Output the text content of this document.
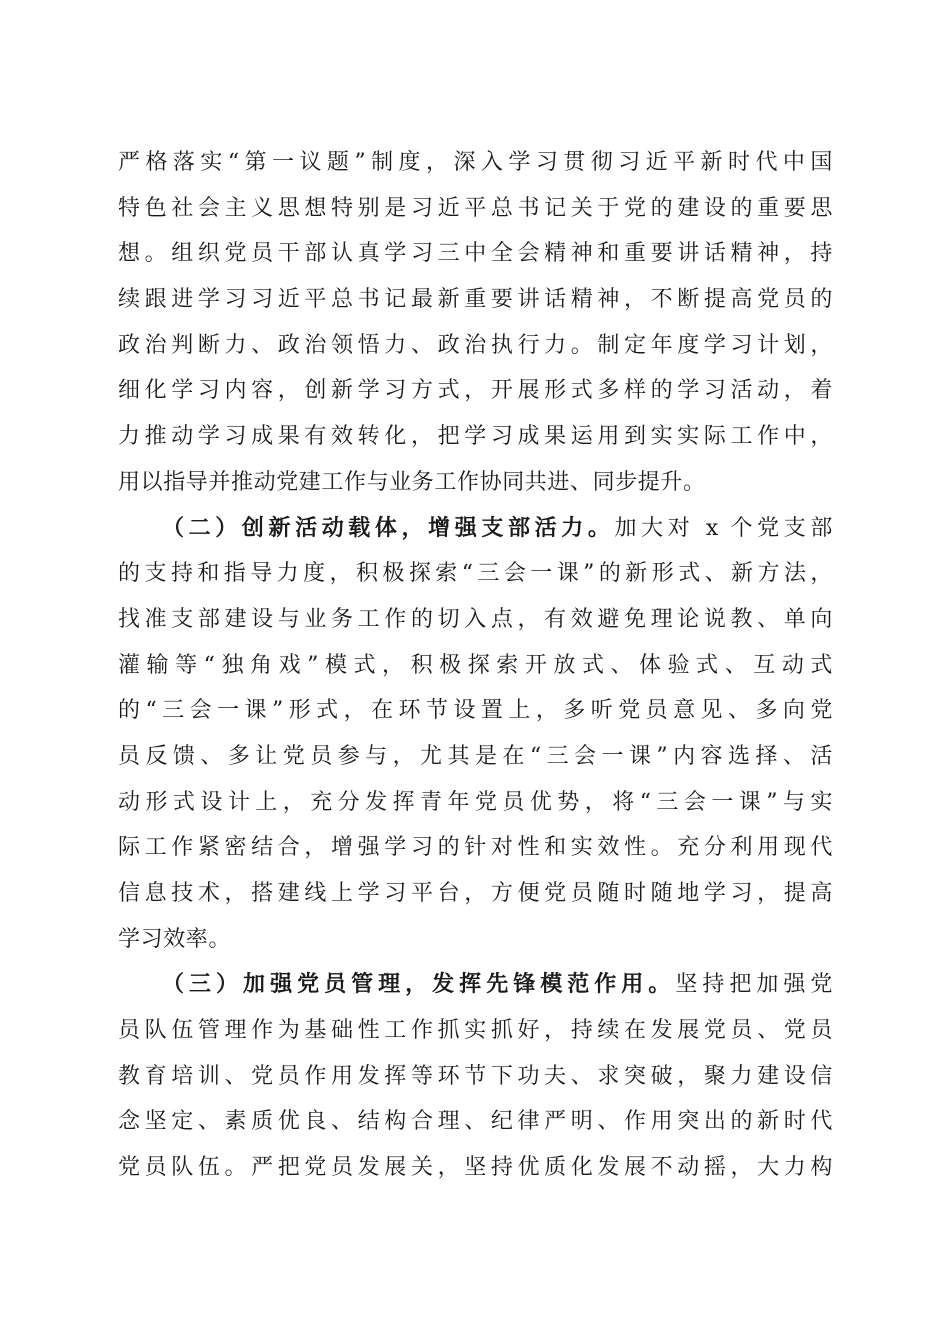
严格落实“第一议题”制度，深入学习贯彻习近平新时代中国
特色社会主义思想特别是习近平总书记关于党的建设的重要思
想。组织党员干部认真学习三中全会精神和重要讲话精神，持
续跟进学习习近平总书记最新重要讲话精神，不断提高党员的
政治判断力、政治领悟力、政治执行力。制定年度学习计划，
细化学习内容，创新学习方式，开展形式多样的学习活动，着
力推动学习成果有效转化，把学习成果运用到实实际工作中，
用以指导并推动党建工作与业务工作协同共进、同步提升。
（二）创新活动载体，增强支部活力。加大对 x 个党支部
的支持和指导力度，积极探索“三会一课”的新形式、新方法，
找准支部建设与业务工作的切入点，有效避免理论说教、单向
灌输等“独角戏”模式，积极探索开放式、体验式、互动式
的“三会一课”形式，在环节设置上，多听党员意见、多向党
员反馈、多让党员参与，尤其是在“三会一课”内容选择、活
动形式设计上，充分发挥青年党员优势，将“三会一课”与实
际工作紧密结合，增强学习的针对性和实效性。充分利用现代
信息技术，搭建线上学习平台，方便党员随时随地学习，提高
学习效率。
（三）加强党员管理，发挥先锋模范作用。坚持把加强党
员队伍管理作为基础性工作抓实抓好，持续在发展党员、党员
教育培训、党员作用发挥等环节下功夫、求突破，聚力建设信
念坚定、素质优良、结构合理、纪律严明、作用突出的新时代
党员队伍。严把党员发展关，坚持优质化发展不动摇，大力构
